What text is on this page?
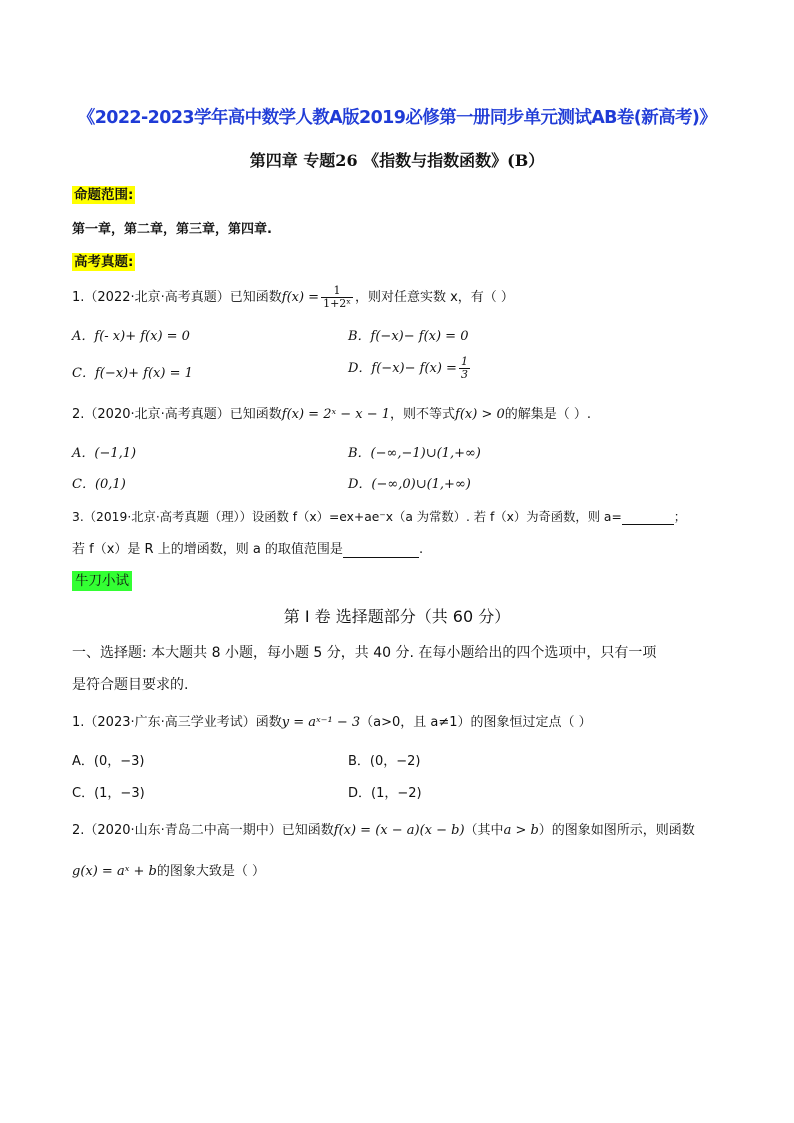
《2022-2023学年高中数学人教A版2019必修第一册同步单元测试AB卷(新高考)》
第四章 专题26 《指数与指数函数》(B）
命题范围:
第一章，第二章，第三章，第四章.
高考真题:
1.（2022·北京·高考真题）已知函数$f(x) = \frac{1}{\text{1+2ˣ}}$ ，则对任意实数 x，有（ ）
A．f(- x)+ f(x) = 0	B．f(−x)− f(x) = 0
C．f(−x)+ f(x) = 1	D．$f(-x)- f(x) = \frac{1}{3}$
2.（2020·北京·高考真题）已知函数f(x) = 2ˣ − x − 1，则不等式f(x) > 0的解集是（ ）.
A．(−1,1)	B．(−∞,−1)∪(1,+∞)
C．(0,1)	D．(−∞,0)∪(1,+∞)
3.（2019·北京·高考真题（理））设函数 f（x）=ex+ae⁻x（a 为常数）. 若 f（x）为奇函数，则 a=	；
若 f（x）是 R 上的增函数，则 a 的取值范围是	.
牛刀小试
第 I 卷 选择题部分（共 60 分）
一、选择题: 本大题共 8 小题，每小题 5 分，共 40 分. 在每小题给出的四个选项中，只有一项
是符合题目要求的.
1.（2023·广东·高三学业考试）函数y = aˣ⁻¹ − 3（a>0，且 a≠1）的图象恒过定点（ ）
A．(0，−3)	B．(0，−2)
C．(1，−3)	D．(1，−2)
2.（2020·山东·青岛二中高一期中）已知函数f(x) = (x − a)(x − b)（其中a > b）的图象如图所示，则函数
g(x) = aˣ + b的图象大致是（ ）
